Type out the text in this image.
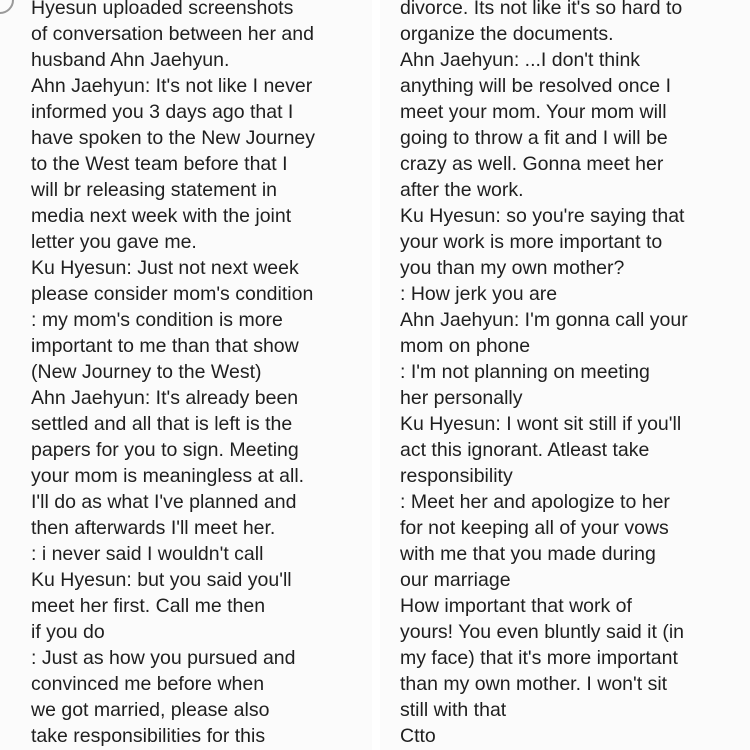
Hyesun uploaded screenshots
of conversation between her and
husband Ahn Jaehyun.
Ahn Jaehyun: It's not like I never
informed you 3 days ago that I
have spoken to the New Journey
to the West team before that I
will br releasing statement in
media next week with the joint
letter you gave me.
Ku Hyesun: Just not next week
please consider mom's condition
: my mom's condition is more
important to me than that show
(New Journey to the West)
Ahn Jaehyun: It's already been
settled and all that is left is the
papers for you to sign. Meeting
your mom is meaningless at all.
I'll do as what I've planned and
then afterwards I'll meet her.
: i never said I wouldn't call
Ku Hyesun: but you said you'll
meet her first. Call me then
if you do
: Just as how you pursued and
convinced me before when
we got married, please also
take responsibilities for this
divorce. Its not like it's so hard to
organize the documents.
Ahn Jaehyun: ...I don't think
anything will be resolved once I
meet your mom. Your mom will
going to throw a fit and I will be
crazy as well. Gonna meet her
after the work.
Ku Hyesun: so you're saying that
your work is more important to
you than my own mother?
: How jerk you are
Ahn Jaehyun: I'm gonna call your
mom on phone
: I'm not planning on meeting
her personally
Ku Hyesun: I wont sit still if you'll
act this ignorant. Atleast take
responsibility
: Meet her and apologize to her
for not keeping all of your vows
with me that you made during
our marriage
How important that work of
yours! You even bluntly said it (in
my face) that it's more important
than my own mother. I won't sit
still with that
Ctto
